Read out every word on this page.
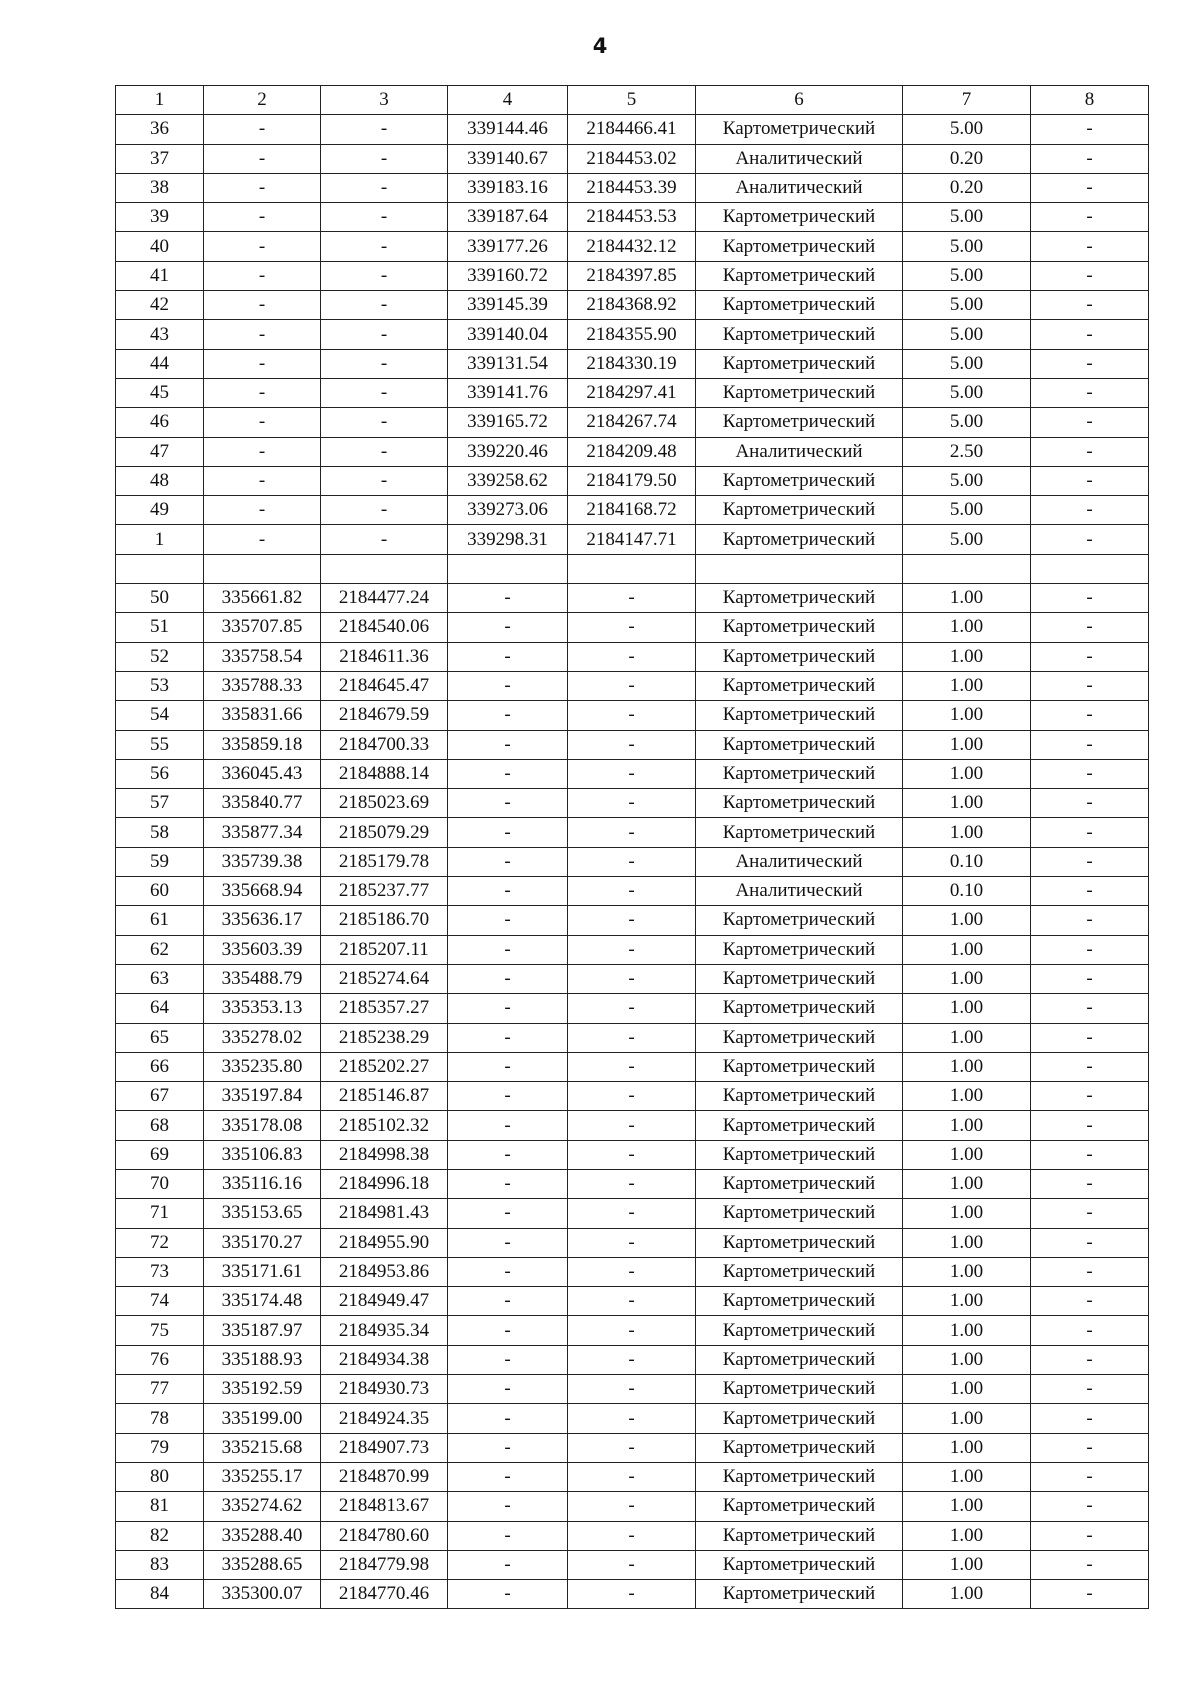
4
1	2	3	4	5	6	7	8
36	-	-	339144.46	2184466.41	Картометрический	5.00	-
37	-	-	339140.67	2184453.02	Аналитический	0.20	-
38	-	-	339183.16	2184453.39	Аналитический	0.20	-
39	-	-	339187.64	2184453.53	Картометрический	5.00	-
40	-	-	339177.26	2184432.12	Картометрический	5.00	-
41	-	-	339160.72	2184397.85	Картометрический	5.00	-
42	-	-	339145.39	2184368.92	Картометрический	5.00	-
43	-	-	339140.04	2184355.90	Картометрический	5.00	-
44	-	-	339131.54	2184330.19	Картометрический	5.00	-
45	-	-	339141.76	2184297.41	Картометрический	5.00	-
46	-	-	339165.72	2184267.74	Картометрический	5.00	-
47	-	-	339220.46	2184209.48	Аналитический	2.50	-
48	-	-	339258.62	2184179.50	Картометрический	5.00	-
49	-	-	339273.06	2184168.72	Картометрический	5.00	-
1	-	-	339298.31	2184147.71	Картометрический	5.00	-

50	335661.82	2184477.24	-	-	Картометрический	1.00	-
51	335707.85	2184540.06	-	-	Картометрический	1.00	-
52	335758.54	2184611.36	-	-	Картометрический	1.00	-
53	335788.33	2184645.47	-	-	Картометрический	1.00	-
54	335831.66	2184679.59	-	-	Картометрический	1.00	-
55	335859.18	2184700.33	-	-	Картометрический	1.00	-
56	336045.43	2184888.14	-	-	Картометрический	1.00	-
57	335840.77	2185023.69	-	-	Картометрический	1.00	-
58	335877.34	2185079.29	-	-	Картометрический	1.00	-
59	335739.38	2185179.78	-	-	Аналитический	0.10	-
60	335668.94	2185237.77	-	-	Аналитический	0.10	-
61	335636.17	2185186.70	-	-	Картометрический	1.00	-
62	335603.39	2185207.11	-	-	Картометрический	1.00	-
63	335488.79	2185274.64	-	-	Картометрический	1.00	-
64	335353.13	2185357.27	-	-	Картометрический	1.00	-
65	335278.02	2185238.29	-	-	Картометрический	1.00	-
66	335235.80	2185202.27	-	-	Картометрический	1.00	-
67	335197.84	2185146.87	-	-	Картометрический	1.00	-
68	335178.08	2185102.32	-	-	Картометрический	1.00	-
69	335106.83	2184998.38	-	-	Картометрический	1.00	-
70	335116.16	2184996.18	-	-	Картометрический	1.00	-
71	335153.65	2184981.43	-	-	Картометрический	1.00	-
72	335170.27	2184955.90	-	-	Картометрический	1.00	-
73	335171.61	2184953.86	-	-	Картометрический	1.00	-
74	335174.48	2184949.47	-	-	Картометрический	1.00	-
75	335187.97	2184935.34	-	-	Картометрический	1.00	-
76	335188.93	2184934.38	-	-	Картометрический	1.00	-
77	335192.59	2184930.73	-	-	Картометрический	1.00	-
78	335199.00	2184924.35	-	-	Картометрический	1.00	-
79	335215.68	2184907.73	-	-	Картометрический	1.00	-
80	335255.17	2184870.99	-	-	Картометрический	1.00	-
81	335274.62	2184813.67	-	-	Картометрический	1.00	-
82	335288.40	2184780.60	-	-	Картометрический	1.00	-
83	335288.65	2184779.98	-	-	Картометрический	1.00	-
84	335300.07	2184770.46	-	-	Картометрический	1.00	-
